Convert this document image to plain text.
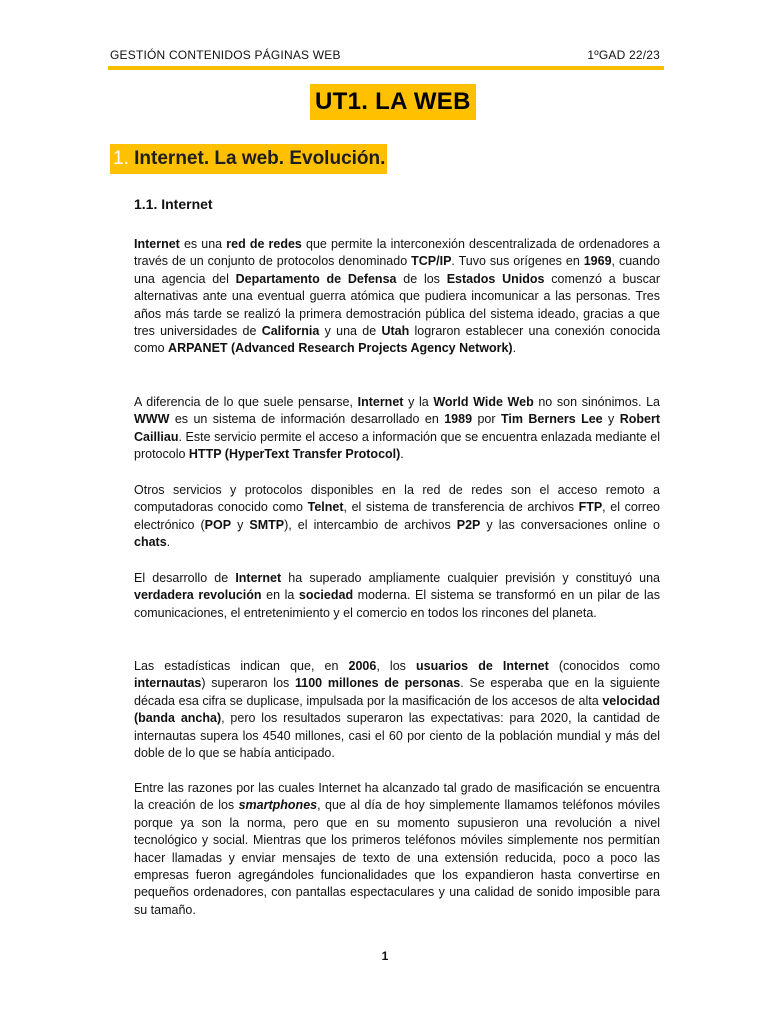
GESTIÓN CONTENIDOS PÁGINAS WEB	1ºGAD 22/23
UT1. LA WEB
1. Internet. La web. Evolución.
1.1. Internet
Internet es una red de redes que permite la interconexión descentralizada de ordenadores a través de un conjunto de protocolos denominado TCP/IP. Tuvo sus orígenes en 1969, cuando una agencia del Departamento de Defensa de los Estados Unidos comenzó a buscar alternativas ante una eventual guerra atómica que pudiera incomunicar a las personas. Tres años más tarde se realizó la primera demostración pública del sistema ideado, gracias a que tres universidades de California y una de Utah lograron establecer una conexión conocida como ARPANET (Advanced Research Projects Agency Network).
A diferencia de lo que suele pensarse, Internet y la World Wide Web no son sinónimos. La WWW es un sistema de información desarrollado en 1989 por Tim Berners Lee y Robert Cailliau. Este servicio permite el acceso a información que se encuentra enlazada mediante el protocolo HTTP (HyperText Transfer Protocol).
Otros servicios y protocolos disponibles en la red de redes son el acceso remoto a computadoras conocido como Telnet, el sistema de transferencia de archivos FTP, el correo electrónico (POP y SMTP), el intercambio de archivos P2P y las conversaciones online o chats.
El desarrollo de Internet ha superado ampliamente cualquier previsión y constituyó una verdadera revolución en la sociedad moderna. El sistema se transformó en un pilar de las comunicaciones, el entretenimiento y el comercio en todos los rincones del planeta.
Las estadísticas indican que, en 2006, los usuarios de Internet (conocidos como internautas) superaron los 1100 millones de personas. Se esperaba que en la siguiente década esa cifra se duplicase, impulsada por la masificación de los accesos de alta velocidad (banda ancha), pero los resultados superaron las expectativas: para 2020, la cantidad de internautas supera los 4540 millones, casi el 60 por ciento de la población mundial y más del doble de lo que se había anticipado.
Entre las razones por las cuales Internet ha alcanzado tal grado de masificación se encuentra la creación de los smartphones, que al día de hoy simplemente llamamos teléfonos móviles porque ya son la norma, pero que en su momento supusieron una revolución a nivel tecnológico y social. Mientras que los primeros teléfonos móviles simplemente nos permitían hacer llamadas y enviar mensajes de texto de una extensión reducida, poco a poco las empresas fueron agregándoles funcionalidades que los expandieron hasta convertirse en pequeños ordenadores, con pantallas espectaculares y una calidad de sonido imposible para su tamaño.
1
